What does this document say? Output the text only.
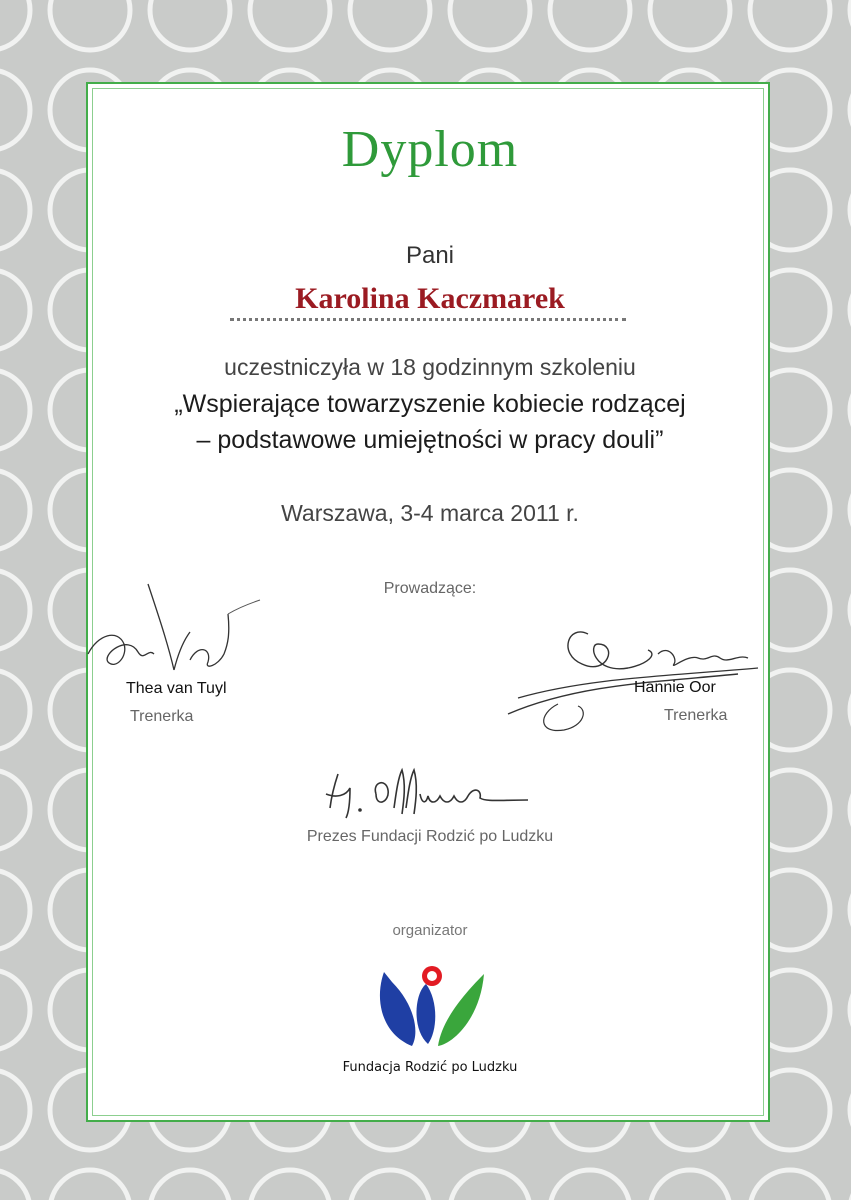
Dyplom
Pani
Karolina Kaczmarek
uczestniczyła w 18 godzinnym szkoleniu
„Wspierające towarzyszenie kobiecie rodzącej
– podstawowe umiejętności w pracy douli”
Warszawa, 3-4 marca 2011 r.
Prowadzące:
Thea van Tuyl
Trenerka
Hannie Oor
Trenerka
Prezes Fundacji Rodzić po Ludzku
organizator
Fundacja Rodzić po Ludzku
